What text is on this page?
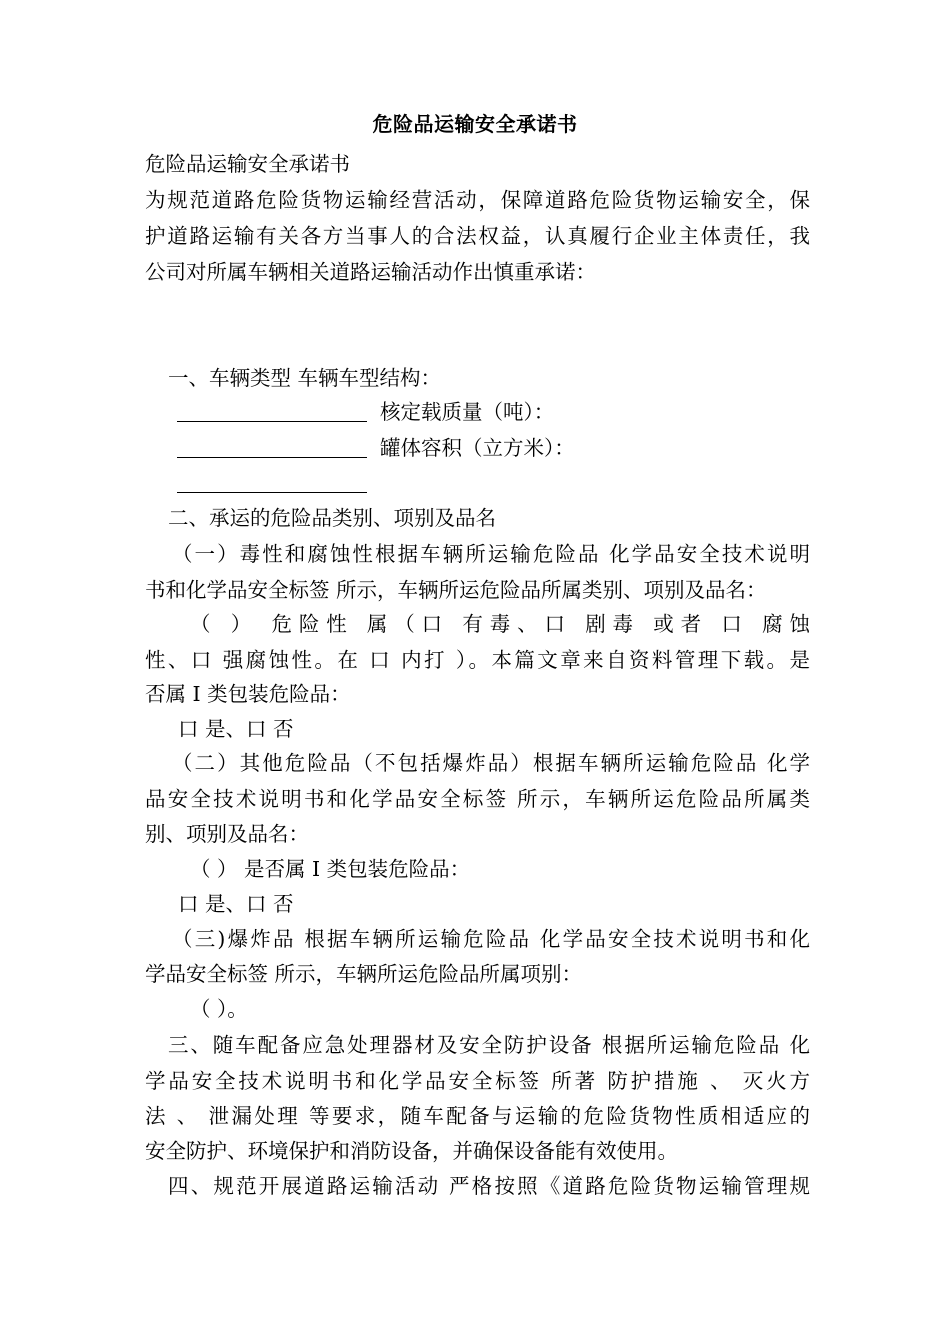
危险品运输安全承诺书
危险品运输安全承诺书
为规范道路危险货物运输经营活动，保障道路危险货物运输安全，保
护道路运输有关各方当事人的合法权益，认真履行企业主体责任，我
公司对所属车辆相关道路运输活动作出慎重承诺：
一、车辆类型 车辆车型结构：
核定载质量（吨）：
罐体容积（立方米）：
二、承运的危险品类别、项别及品名
（一）毒性和腐蚀性根据车辆所运输危险品 化学品安全技术说明
书和化学品安全标签 所示，车辆所运危险品所属类别、项别及品名：
（ ） 危险性 属（口 有毒、口 剧毒 或者 口 腐蚀
性、口 强腐蚀性。在 口 内打 ）。本篇文章来自资料管理下载。是
否属 I 类包装危险品：
口 是、口 否
（二）其他危险品（不包括爆炸品）根据车辆所运输危险品 化学
品安全技术说明书和化学品安全标签 所示，车辆所运危险品所属类
别、项别及品名：
（ ） 是否属 I 类包装危险品：
口 是、口 否
（三)爆炸品 根据车辆所运输危险品 化学品安全技术说明书和化
学品安全标签 所示，车辆所运危险品所属项别：
（ ）。
三、随车配备应急处理器材及安全防护设备 根据所运输危险品 化
学品安全技术说明书和化学品安全标签 所著 防护措施 、 灭火方
法 、 泄漏处理 等要求，随车配备与运输的危险货物性质相适应的
安全防护、环境保护和消防设备，并确保设备能有效使用。
四、规范开展道路运输活动 严格按照《道路危险货物运输管理规
